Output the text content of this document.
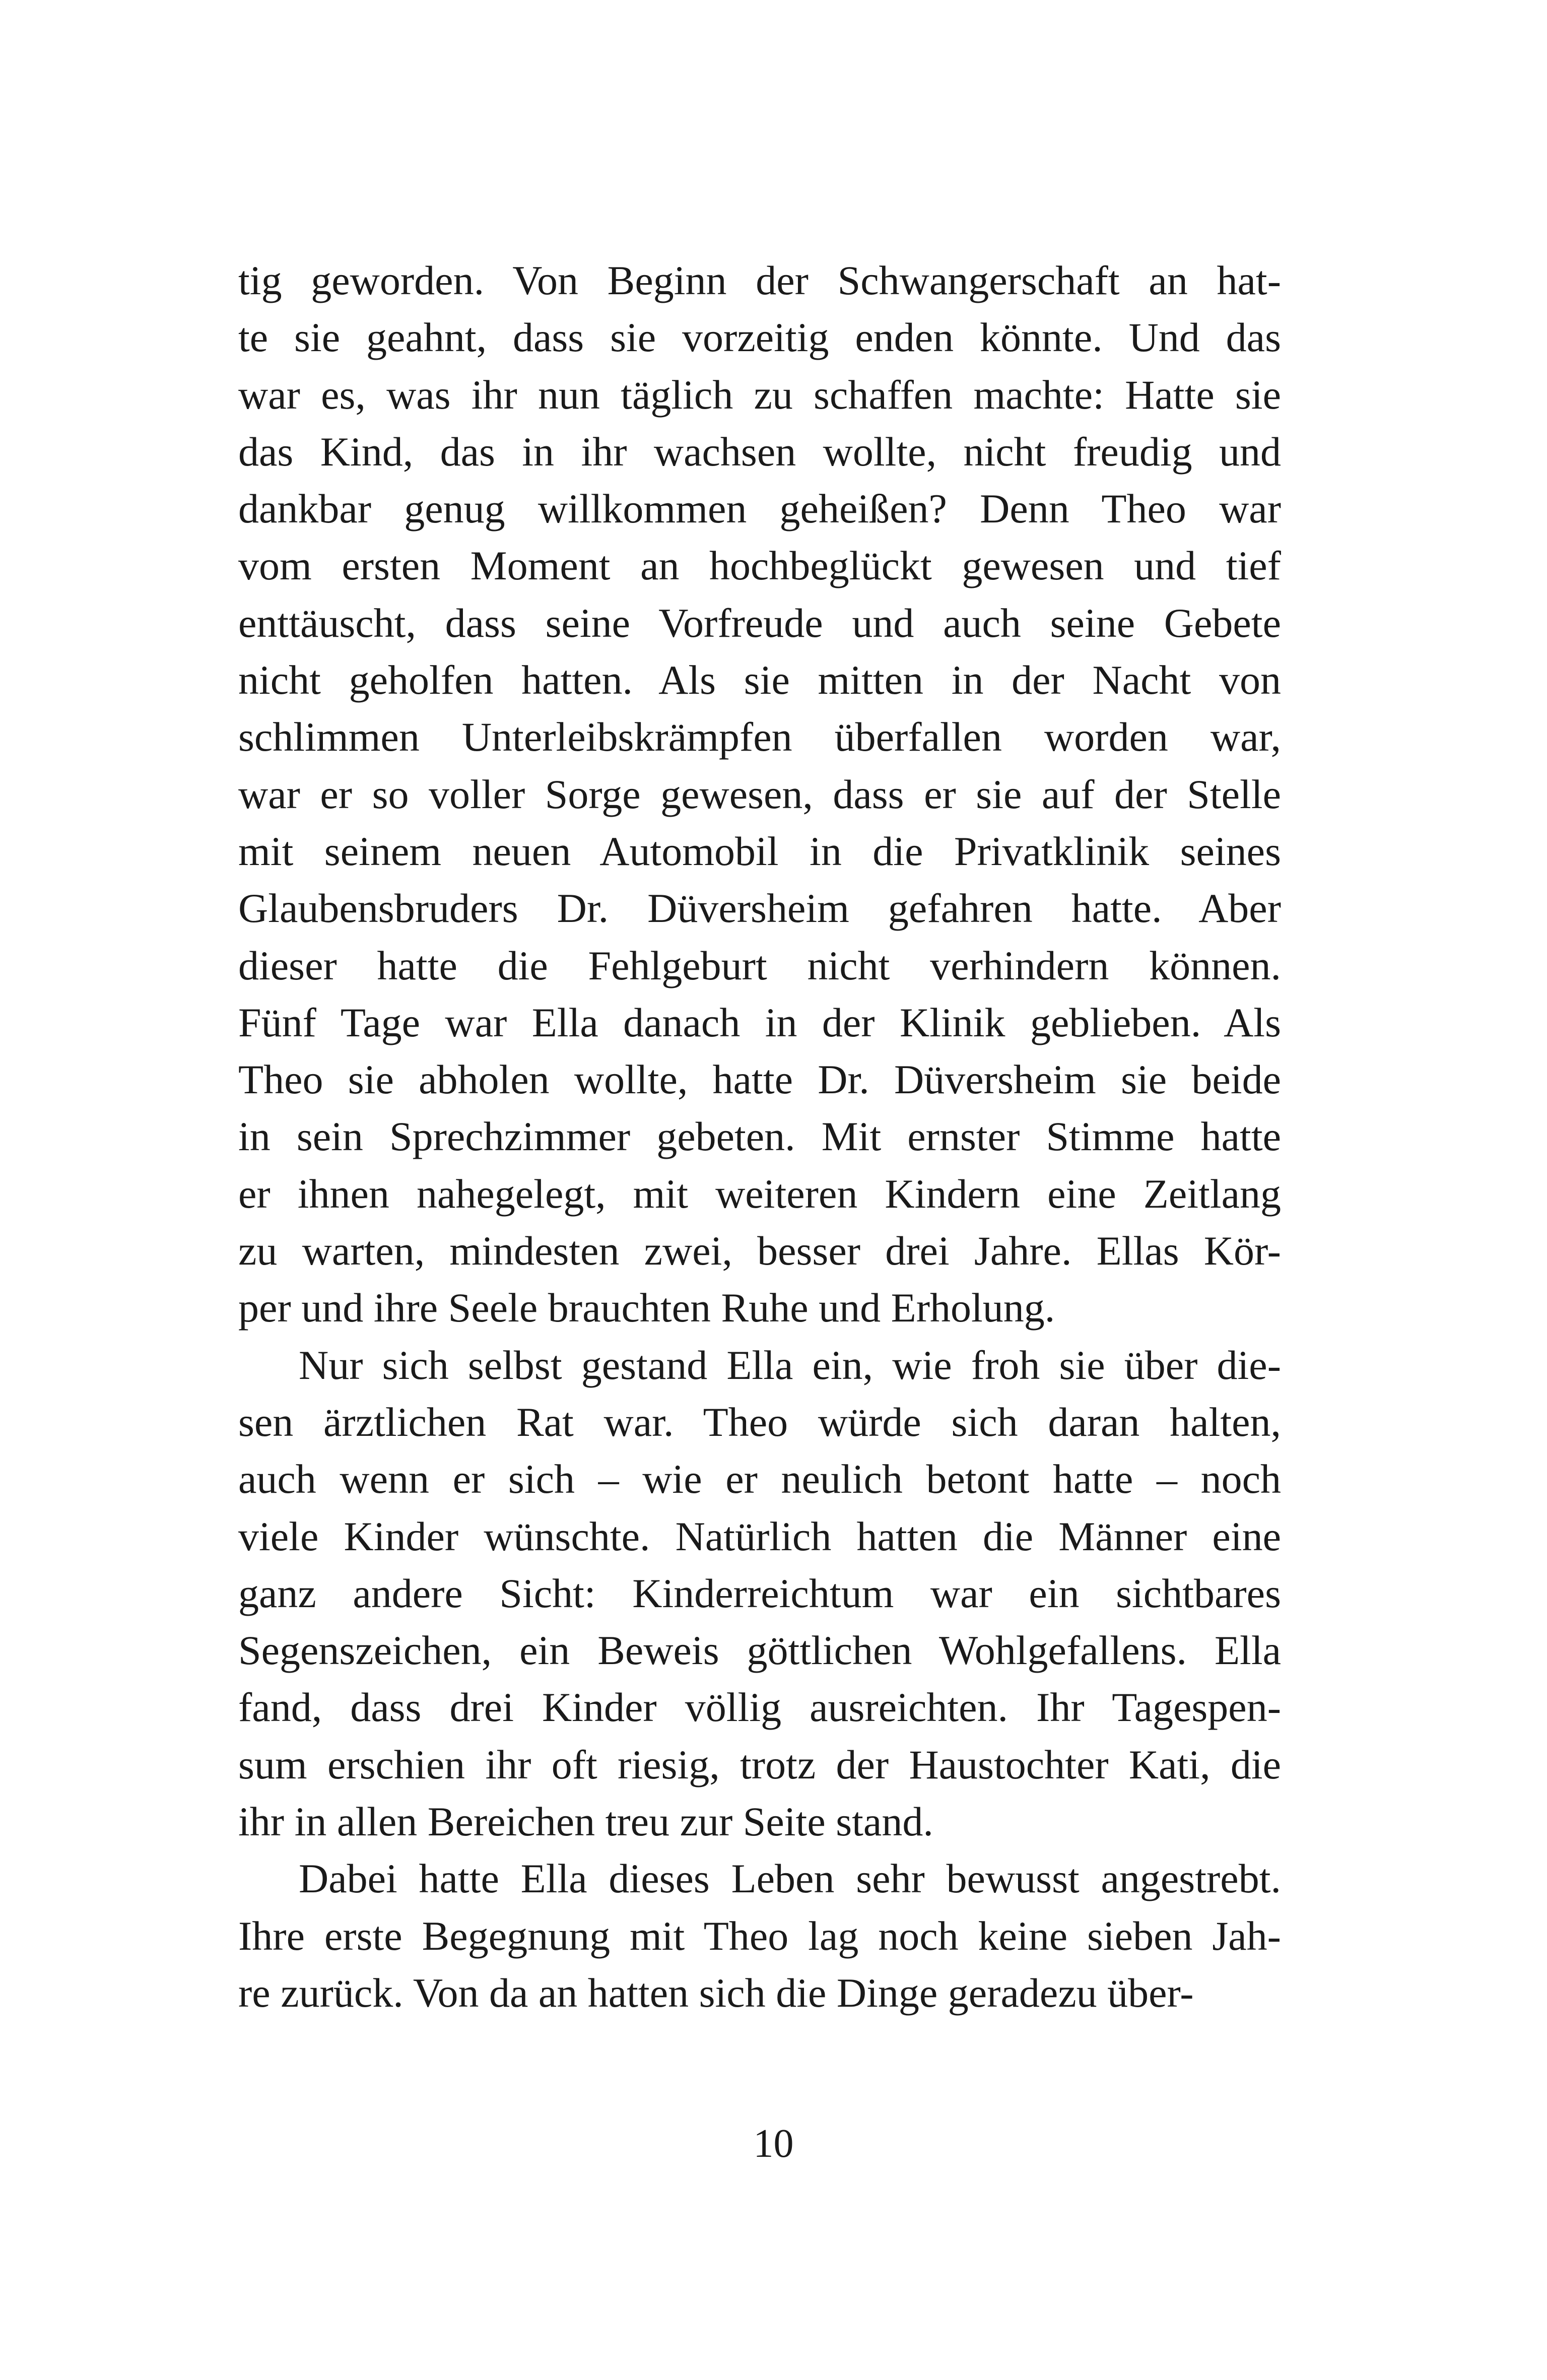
tig geworden. Von Beginn der Schwangerschaft an hat-
te sie geahnt, dass sie vorzeitig enden könnte. Und das
war es, was ihr nun täglich zu schaffen machte: Hatte sie
das Kind, das in ihr wachsen wollte, nicht freudig und
dankbar genug willkommen geheißen? Denn Theo war
vom ersten Moment an hochbeglückt gewesen und tief
enttäuscht, dass seine Vorfreude und auch seine Gebete
nicht geholfen hatten. Als sie mitten in der Nacht von
schlimmen Unterleibskrämpfen überfallen worden war,
war er so voller Sorge gewesen, dass er sie auf der Stelle
mit seinem neuen Automobil in die Privatklinik seines
Glaubensbruders Dr. Düversheim gefahren hatte. Aber
dieser hatte die Fehlgeburt nicht verhindern können.
Fünf Tage war Ella danach in der Klinik geblieben. Als
Theo sie abholen wollte, hatte Dr. Düversheim sie beide
in sein Sprechzimmer gebeten. Mit ernster Stimme hatte
er ihnen nahegelegt, mit weiteren Kindern eine Zeitlang
zu warten, mindesten zwei, besser drei Jahre. Ellas Kör-
per und ihre Seele brauchten Ruhe und Erholung.
Nur sich selbst gestand Ella ein, wie froh sie über die-
sen ärztlichen Rat war. Theo würde sich daran halten,
auch wenn er sich – wie er neulich betont hatte – noch
viele Kinder wünschte. Natürlich hatten die Männer eine
ganz andere Sicht: Kinderreichtum war ein sichtbares
Segenszeichen, ein Beweis göttlichen Wohlgefallens. Ella
fand, dass drei Kinder völlig ausreichten. Ihr Tagespen-
sum erschien ihr oft riesig, trotz der Haustochter Kati, die
ihr in allen Bereichen treu zur Seite stand.
Dabei hatte Ella dieses Leben sehr bewusst angestrebt.
Ihre erste Begegnung mit Theo lag noch keine sieben Jah-
re zurück. Von da an hatten sich die Dinge geradezu über-
10
